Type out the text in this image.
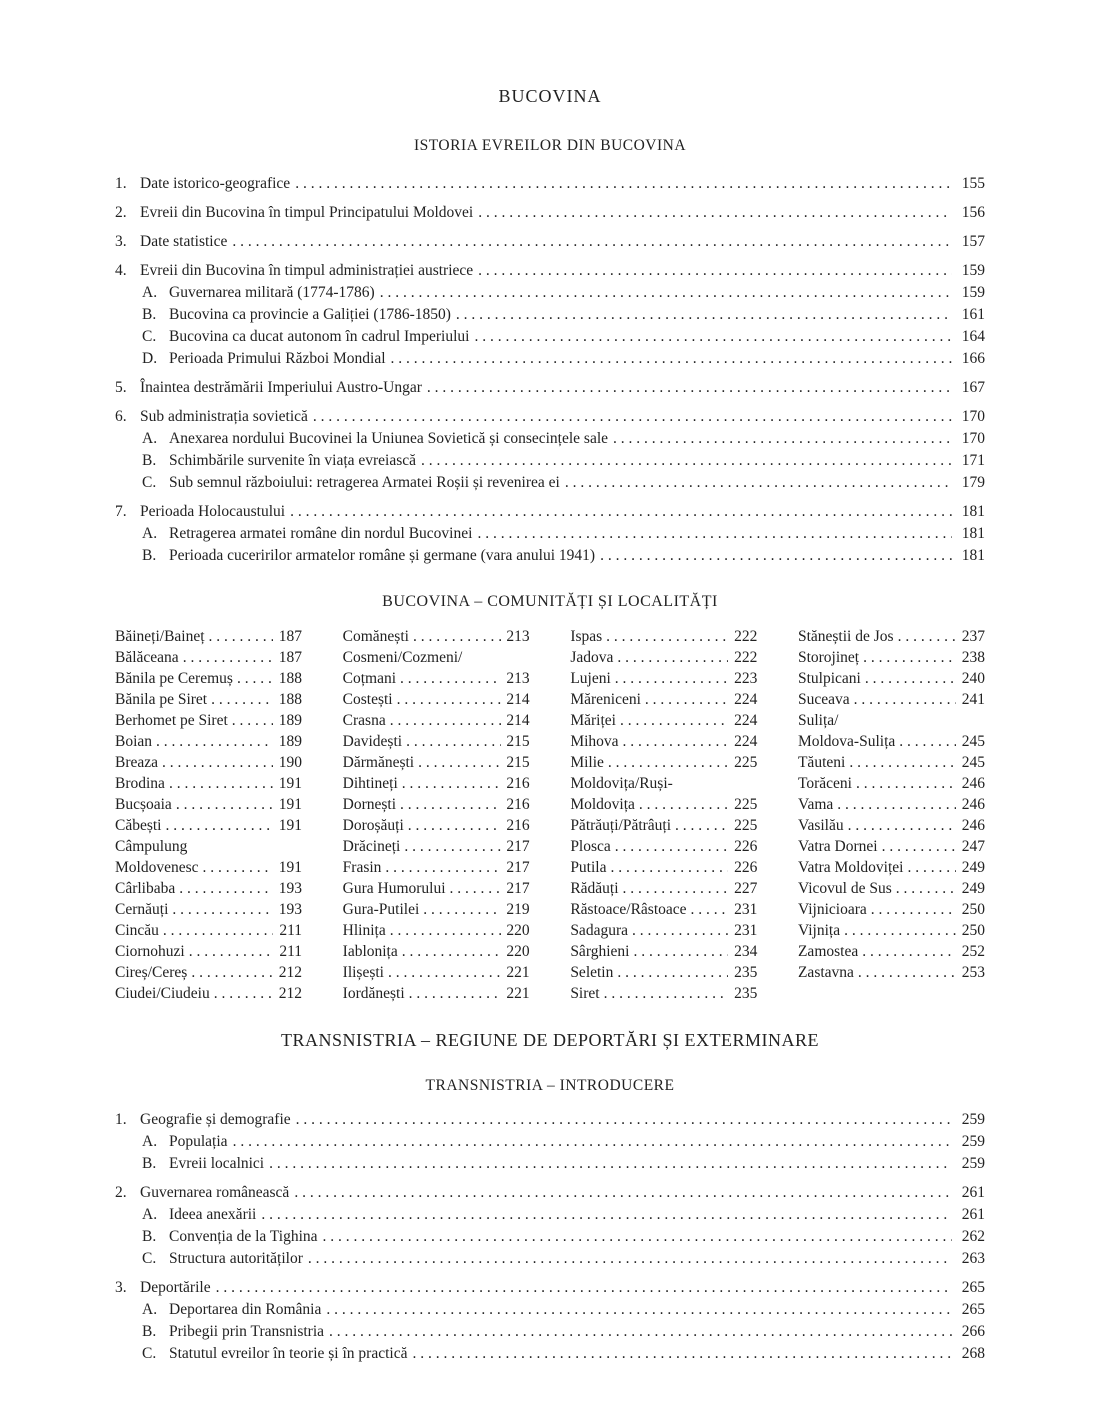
BUCOVINA
ISTORIA EVREILOR DIN BUCOVINA
1. Date istorico-geografice . . .	155
2. Evreii din Bucovina în timpul Principatului Moldovei . . .	156
3. Date statistice . . .	157
4. Evreii din Bucovina în timpul administrației austriece . . .	159
A. Guvernarea militară (1774-1786) . . .	159
B. Bucovina ca provincie a Galiției (1786-1850) . . .	161
C. Bucovina ca ducat autonom în cadrul Imperiului . . .	164
D. Perioada Primului Război Mondial . . .	166
5. Înaintea destrămării Imperiului Austro-Ungar . . .	167
6. Sub administrația sovietică . . .	170
A. Anexarea nordului Bucovinei la Uniunea Sovietică și consecințele sale . . .	170
B. Schimbările survenite în viața evreiască . . .	171
C. Sub semnul războiului: retragerea Armatei Roșii și revenirea ei . . .	179
7. Perioada Holocaustului . . .	181
A. Retragerea armatei române din nordul Bucovinei . . .	181
B. Perioada cuceririlor armatelor române și germane (vara anului 1941) . . .	181
BUCOVINA – COMUNITĂȚI ȘI LOCALITĂȚI
Băineți/Baineț . . .	187
Bălăceana . . .	187
Bănila pe Ceremuș . . .	188
Bănila pe Siret . . .	188
Berhomet pe Siret . . .	189
Boian . . .	189
Breaza . . .	190
Brodina . . .	191
Bucșoaia . . .	191
Căbești . . .	191
Câmpulung
Moldovenesc . . .	191
Cârlibaba . . .	193
Cernăuți . . .	193
Cincău . . .	211
Ciornohuzi . . .	211
Cireș/Cereș . . .	212
Ciudei/Ciudeiu . . .	212
Comănești . . .	213
Cosmeni/Cozmeni/
Coțmani . . .	213
Costești . . .	214
Crasna . . .	214
Davidești . . .	215
Dărmănești . . .	215
Dihtineți . . .	216
Dornești . . .	216
Doroșăuți . . .	216
Drăcineți . . .	217
Frasin . . .	217
Gura Humorului . . .	217
Gura-Putilei . . .	219
Hlinița . . .	220
Iablonița . . .	220
Ilișești . . .	221
Iordănești . . .	221
Ispas . . .	222
Jadova . . .	222
Lujeni . . .	223
Măreniceni . . .	224
Măriței . . .	224
Mihova . . .	224
Milie . . .	225
Moldovița/Ruși-
Moldovița . . .	225
Pătrăuți/Pătrâuți . . .	225
Plosca . . .	226
Putila . . .	226
Rădăuți . . .	227
Răstoace/Râstoace . . .	231
Sadagura . . .	231
Sârghieni . . .	234
Seletin . . .	235
Siret . . .	235
Stăneștii de Jos . . .	237
Storojineț . . .	238
Stulpicani . . .	240
Suceava . . .	241
Sulița/
Moldova-Sulița . . .	245
Tăuteni . . .	245
Torăceni . . .	246
Vama . . .	246
Vasilău . . .	246
Vatra Dornei . . .	247
Vatra Moldoviței . . .	249
Vicovul de Sus . . .	249
Vijnicioara . . .	250
Vijnița . . .	250
Zamostea . . .	252
Zastavna . . .	253
TRANSNISTRIA – REGIUNE DE DEPORTĂRI ȘI EXTERMINARE
TRANSNISTRIA – INTRODUCERE
1. Geografie și demografie . . .	259
A. Populația . . .	259
B. Evreii localnici . . .	259
2. Guvernarea românească . . .	261
A. Ideea anexării . . .	261
B. Convenția de la Tighina . . .	262
C. Structura autorităților . . .	263
3. Deportările . . .	265
A. Deportarea din România . . .	265
B. Pribegii prin Transnistria . . .	266
C. Statutul evreilor în teorie și în practică . . .	268
